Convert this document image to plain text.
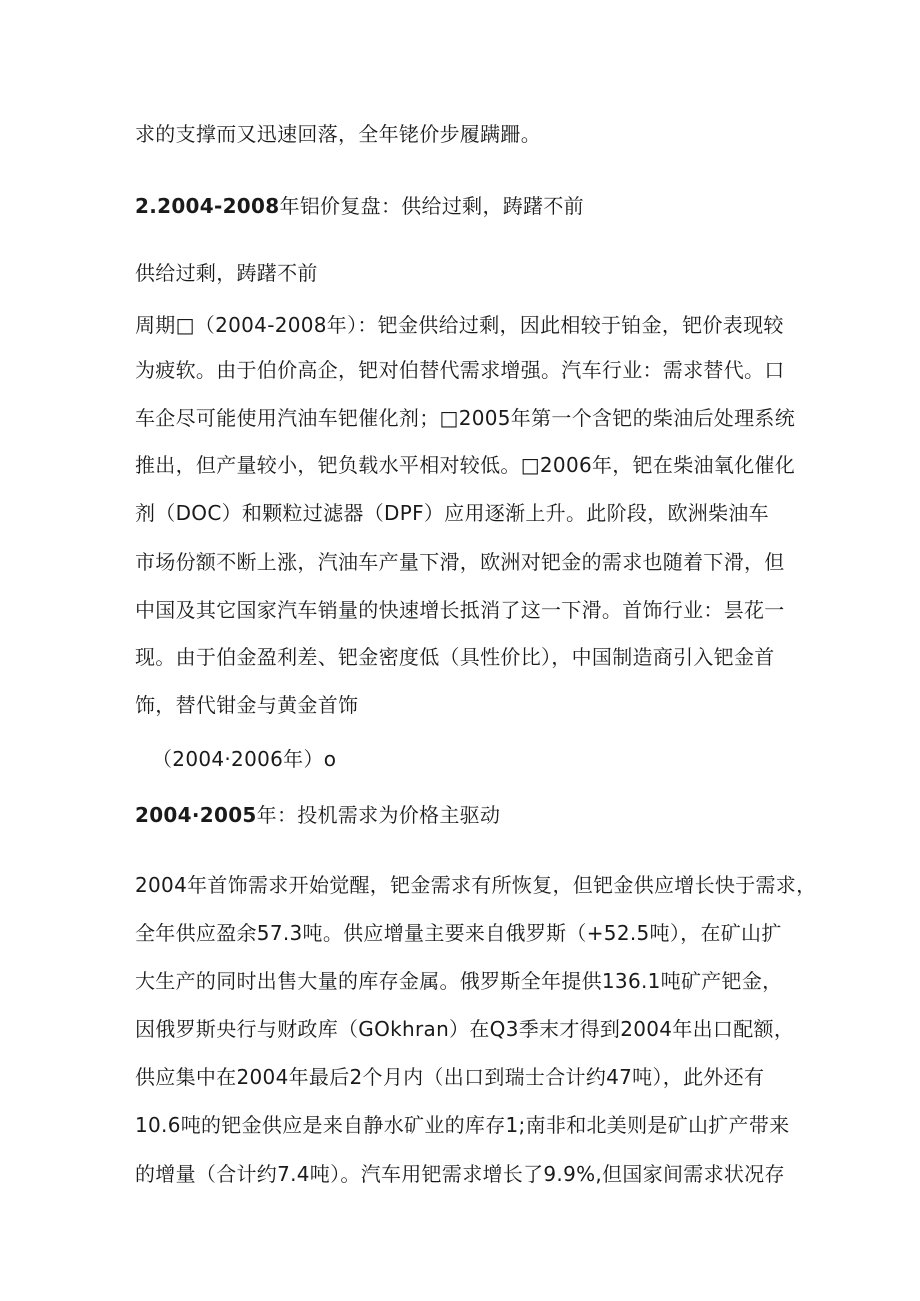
求的支撑而又迅速回落，全年铑价步履蹒跚。
2.2004-2008年铝价复盘：供给过剩，踌躇不前
供给过剩，踌躇不前
周期□（2004-2008年）：钯金供给过剩，因此相较于铂金，钯价表现较
为疲软。由于伯价高企，钯对伯替代需求增强。汽车行业：需求替代。口
车企尽可能使用汽油车钯催化剂；□2005年第一个含钯的柴油后处理系统
推出，但产量较小，钯负载水平相对较低。□2006年，钯在柴油氧化催化
剂（DOC）和颗粒过滤器（DPF）应用逐渐上升。此阶段，欧洲柴油车
市场份额不断上涨，汽油车产量下滑，欧洲对钯金的需求也随着下滑，但
中国及其它国家汽车销量的快速增长抵消了这一下滑。首饰行业：昙花一
现。由于伯金盈利差、钯金密度低（具性价比），中国制造商引入钯金首
饰，替代钳金与黄金首饰
（2004·2006年）o
2004·2005年：投机需求为价格主驱动
2004年首饰需求开始觉醒，钯金需求有所恢复，但钯金供应增长快于需求，
全年供应盈余57.3吨。供应增量主要来自俄罗斯（+52.5吨），在矿山扩
大生产的同时出售大量的库存金属。俄罗斯全年提供136.1吨矿产钯金，
因俄罗斯央行与财政库（GOkhran）在Q3季末才得到2004年出口配额，
供应集中在2004年最后2个月内（出口到瑞士合计约47吨），此外还有
10.6吨的钯金供应是来自静水矿业的库存1;南非和北美则是矿山扩产带来
的增量（合计约7.4吨）。汽车用钯需求增长了9.9%,但国家间需求状况存
